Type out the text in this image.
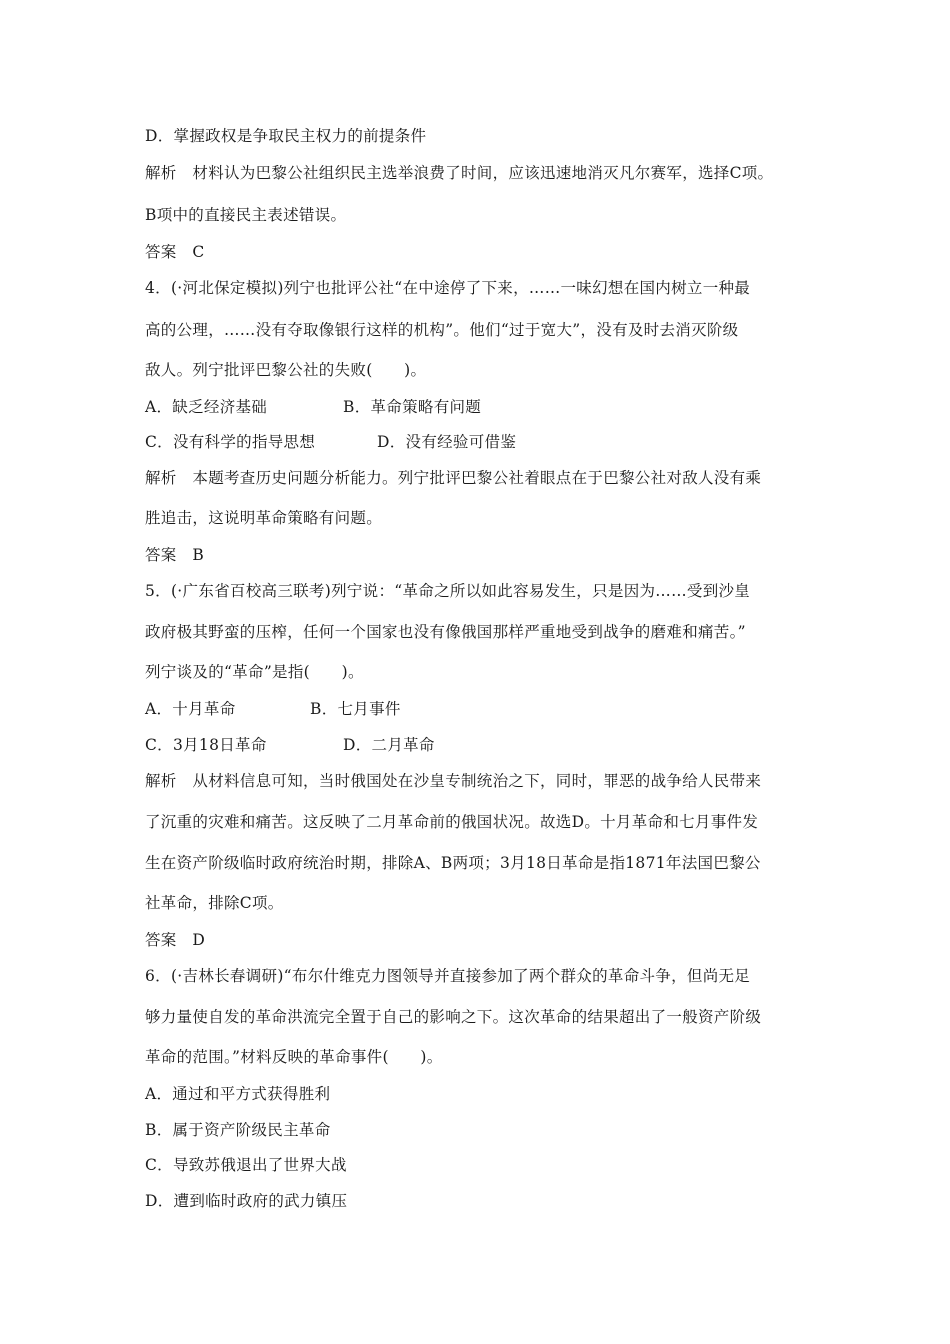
D．掌握政权是争取民主权力的前提条件
解析　材料认为巴黎公社组织民主选举浪费了时间，应该迅速地消灭凡尔赛军，选择C项。
B项中的直接民主表述错误。
答案　C
4．(·河北保定模拟)列宁也批评公社“在中途停了下来，……一味幻想在国内树立一种最
高的公理，……没有夺取像银行这样的机构”。他们“过于宽大”，没有及时去消灭阶级
敌人。列宁批评巴黎公社的失败(　　)。
A．缺乏经济基础	B．革命策略有问题
C．没有科学的指导思想	D．没有经验可借鉴
解析　本题考查历史问题分析能力。列宁批评巴黎公社着眼点在于巴黎公社对敌人没有乘
胜追击，这说明革命策略有问题。
答案　B
5．(·广东省百校高三联考)列宁说：“革命之所以如此容易发生，只是因为……受到沙皇
政府极其野蛮的压榨，任何一个国家也没有像俄国那样严重地受到战争的磨难和痛苦。”
列宁谈及的“革命”是指(　　)。
A．十月革命	B．七月事件
C．3月18日革命	D．二月革命
解析　从材料信息可知，当时俄国处在沙皇专制统治之下，同时，罪恶的战争给人民带来
了沉重的灾难和痛苦。这反映了二月革命前的俄国状况。故选D。十月革命和七月事件发
生在资产阶级临时政府统治时期，排除A、B两项；3月18日革命是指1871年法国巴黎公
社革命，排除C项。
答案　D
6．(·吉林长春调研)“布尔什维克力图领导并直接参加了两个群众的革命斗争，但尚无足
够力量使自发的革命洪流完全置于自己的影响之下。这次革命的结果超出了一般资产阶级
革命的范围。”材料反映的革命事件(　　)。
A．通过和平方式获得胜利
B．属于资产阶级民主革命
C．导致苏俄退出了世界大战
D．遭到临时政府的武力镇压
